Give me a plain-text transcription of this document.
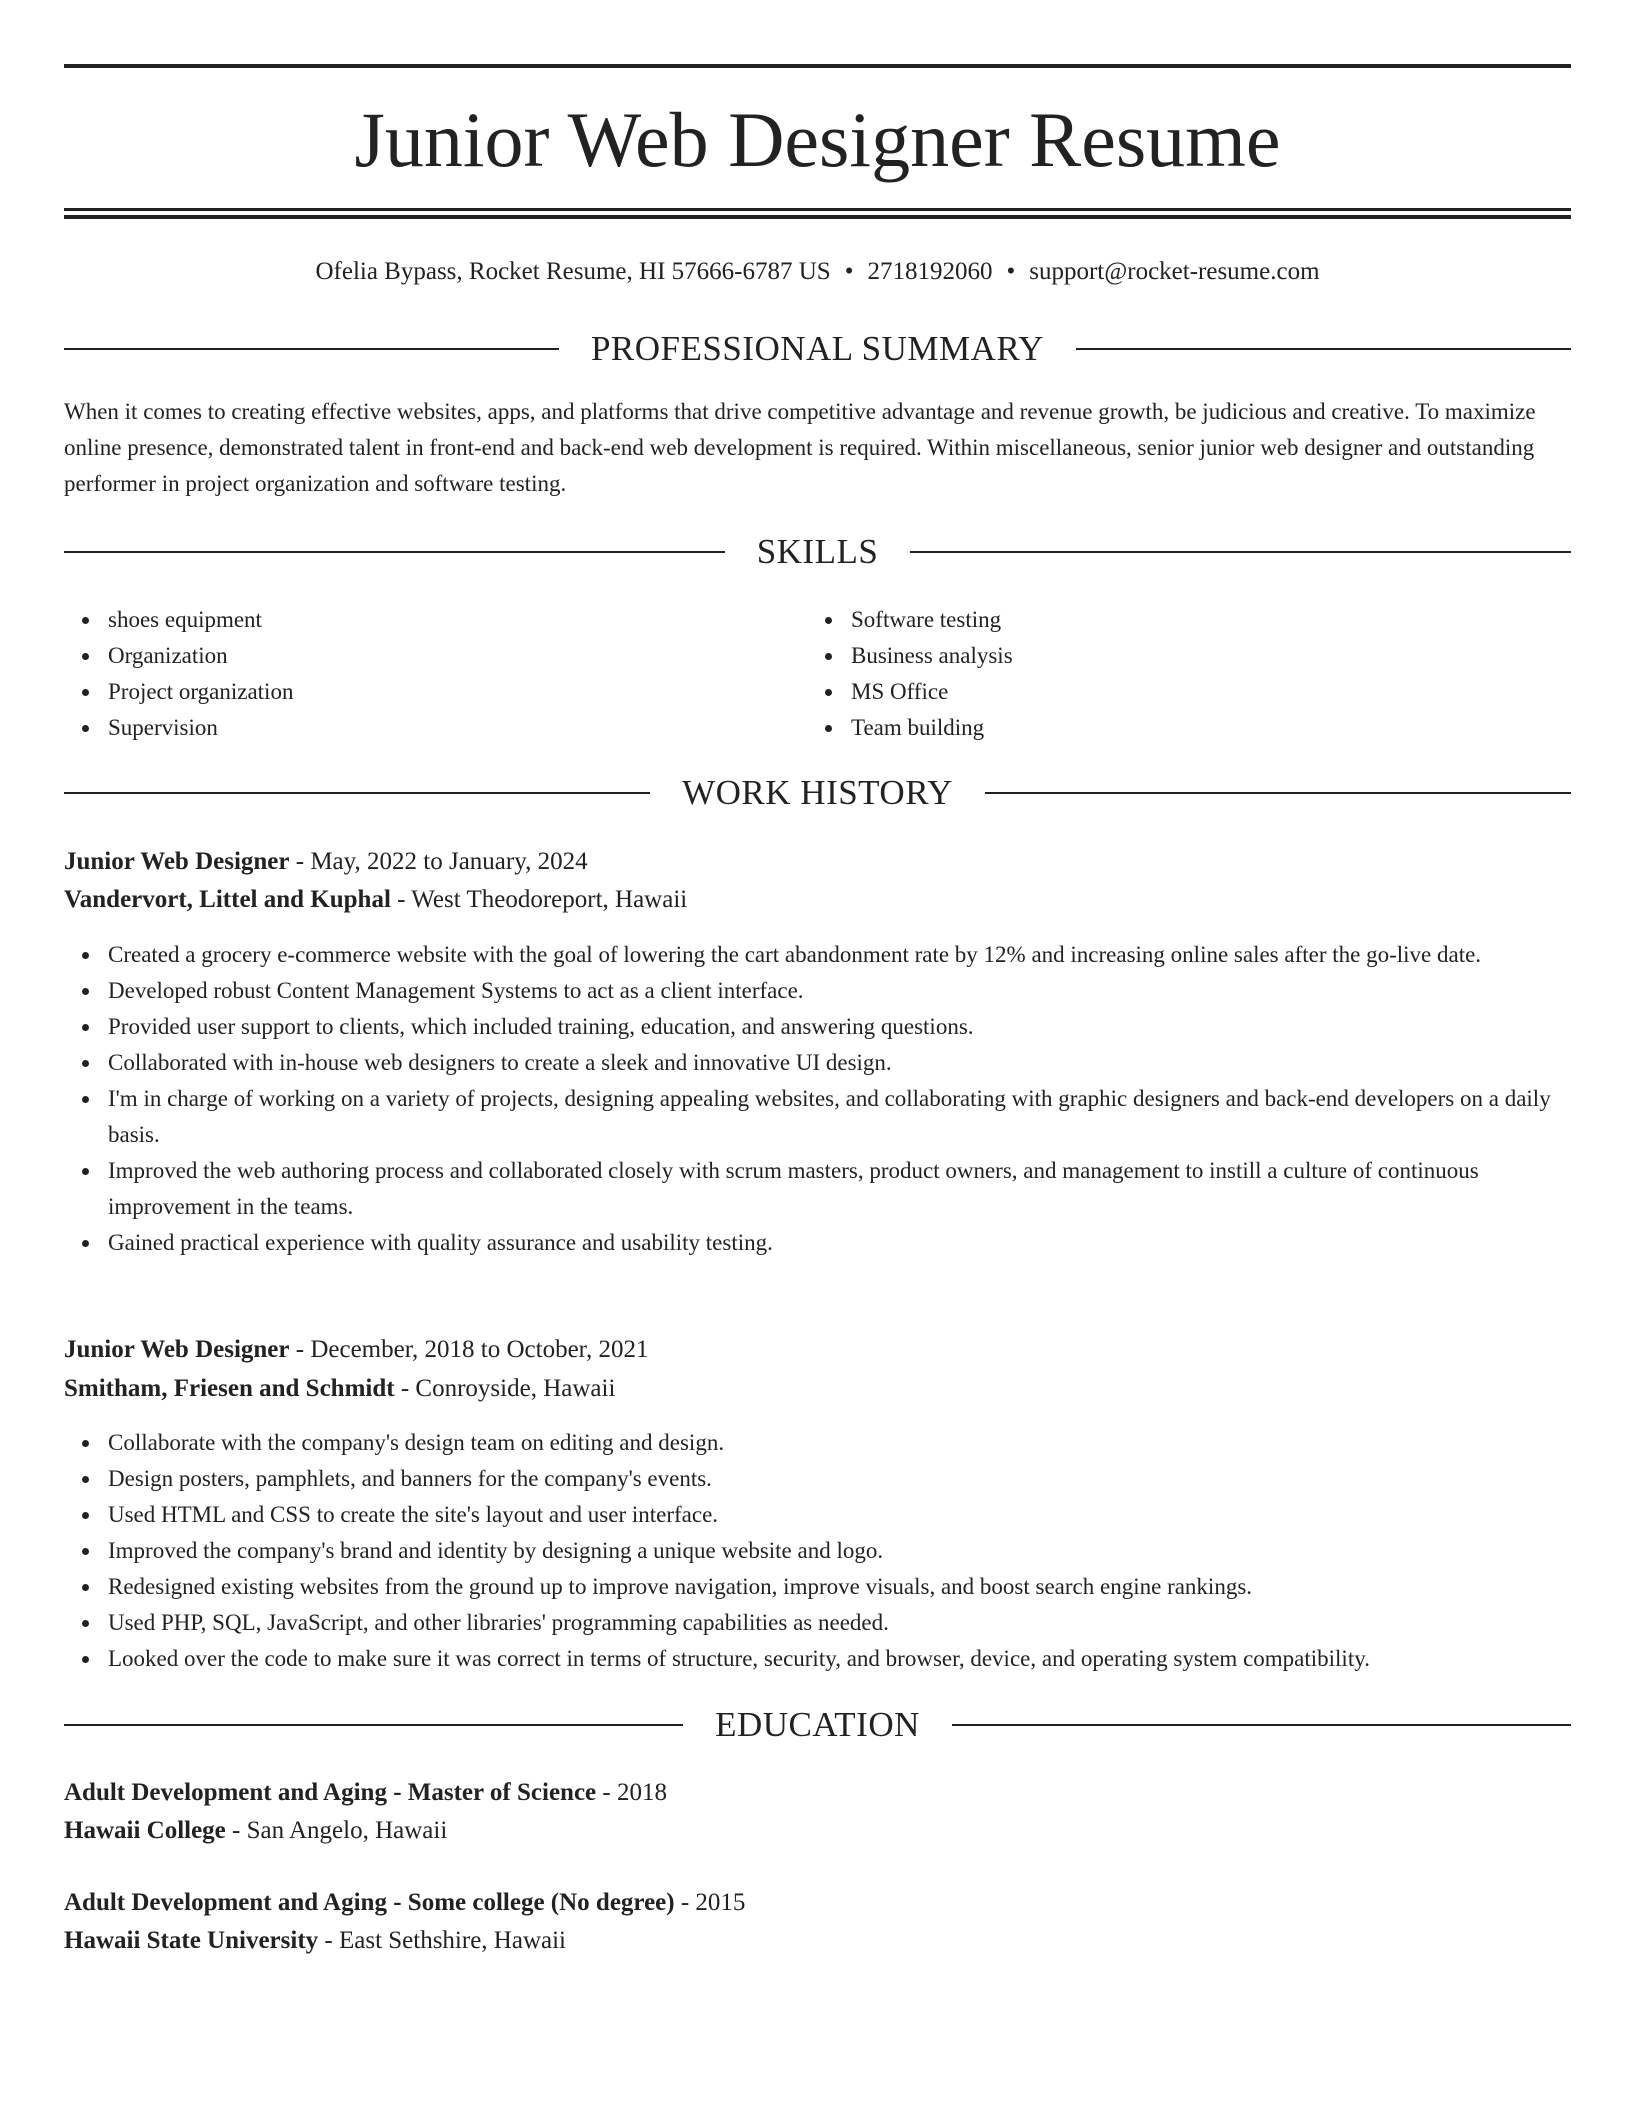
Junior Web Designer Resume
Ofelia Bypass, Rocket Resume, HI 57666-6787 US • 2718192060 • support@rocket-resume.com
PROFESSIONAL SUMMARY

When it comes to creating effective websites, apps, and platforms that drive competitive advantage and revenue growth, be judicious and creative. To maximize online presence, demonstrated talent in front-end and back-end web development is required. Within miscellaneous, senior junior web designer and outstanding performer in project organization and software testing.

SKILLS
shoes equipment
Organization
Project organization
Supervision
Software testing
Business analysis
MS Office
Team building
WORK HISTORY
Junior Web Designer - May, 2022 to January, 2024
Vandervort, Littel and Kuphal - West Theodoreport, Hawaii
Created a grocery e-commerce website with the goal of lowering the cart abandonment rate by 12% and increasing online sales after the go-live date.
Developed robust Content Management Systems to act as a client interface.
Provided user support to clients, which included training, education, and answering questions.
Collaborated with in-house web designers to create a sleek and innovative UI design.
I'm in charge of working on a variety of projects, designing appealing websites, and collaborating with graphic designers and back-end developers on a daily basis.
Improved the web authoring process and collaborated closely with scrum masters, product owners, and management to instill a culture of continuous improvement in the teams.
Gained practical experience with quality assurance and usability testing.
Junior Web Designer - December, 2018 to October, 2021
Smitham, Friesen and Schmidt - Conroyside, Hawaii
Collaborate with the company's design team on editing and design.
Design posters, pamphlets, and banners for the company's events.
Used HTML and CSS to create the site's layout and user interface.
Improved the company's brand and identity by designing a unique website and logo.
Redesigned existing websites from the ground up to improve navigation, improve visuals, and boost search engine rankings.
Used PHP, SQL, JavaScript, and other libraries' programming capabilities as needed.
Looked over the code to make sure it was correct in terms of structure, security, and browser, device, and operating system compatibility.
EDUCATION
Adult Development and Aging - Master of Science - 2018
Hawaii College - San Angelo, Hawaii
Adult Development and Aging - Some college (No degree) - 2015
Hawaii State University - East Sethshire, Hawaii
